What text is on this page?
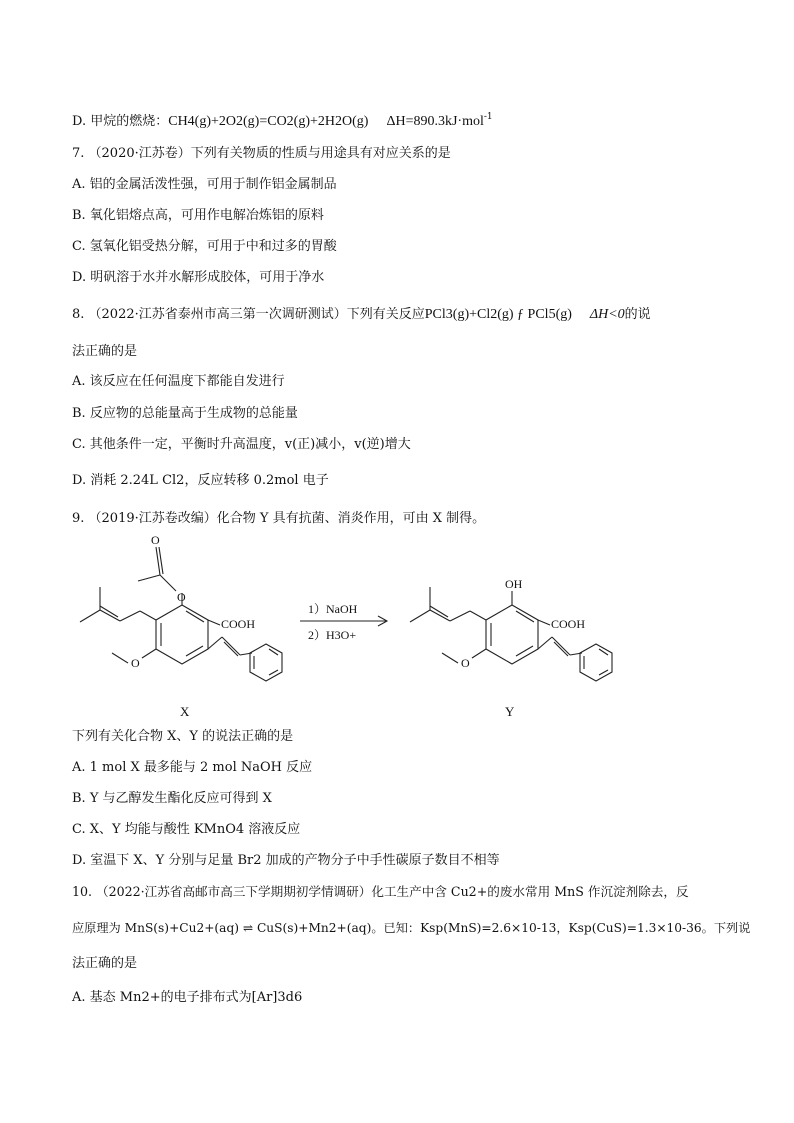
D. 甲烷的燃烧：CH4(g)+2O2(g)=CO2(g)+2H2O(g) ΔH=890.3kJ·mol$^{-1}$
7. （2020·江苏卷）下列有关物质的性质与用途具有对应关系的是
A. 铝的金属活泼性强，可用于制作铝金属制品
B. 氧化铝熔点高，可用作电解冶炼铝的原料
C. 氢氧化铝受热分解，可用于中和过多的胃酸
D. 明矾溶于水并水解形成胶体，可用于净水
8. （2022·江苏省泰州市高三第一次调研测试）下列有关反应PCl3(g)+Cl2(g) ƒ PCl5(g) ΔH<0的说
法正确的是
A. 该反应在任何温度下都能自发进行
B. 反应物的总能量高于生成物的总能量
C. 其他条件一定，平衡时升高温度，v(正)减小，v(逆)增大
D. 消耗 2.24L Cl2，反应转移 0.2mol 电子
9. （2019·江苏卷改编）化合物 Y 具有抗菌、消炎作用，可由 X 制得。
O
O
COOH
O
X
1）NaOH
2）H3O+
OH
COOH
O
Y
下列有关化合物 X、Y 的说法正确的是
A. 1 mol X 最多能与 2 mol NaOH 反应
B. Y 与乙醇发生酯化反应可得到 X
C. X、Y 均能与酸性 KMnO4 溶液反应
D. 室温下 X、Y 分别与足量 Br2 加成的产物分子中手性碳原子数目不相等
10. （2022·江苏省高邮市高三下学期期初学情调研）化工生产中含 Cu2+的废水常用 MnS 作沉淀剂除去，反
应原理为 MnS(s)+Cu2+(aq) ⇌ CuS(s)+Mn2+(aq)。已知：Ksp(MnS)=2.6×10-13，Ksp(CuS)=1.3×10-36。下列说
法正确的是
A. 基态 Mn2+的电子排布式为[Ar]3d6
